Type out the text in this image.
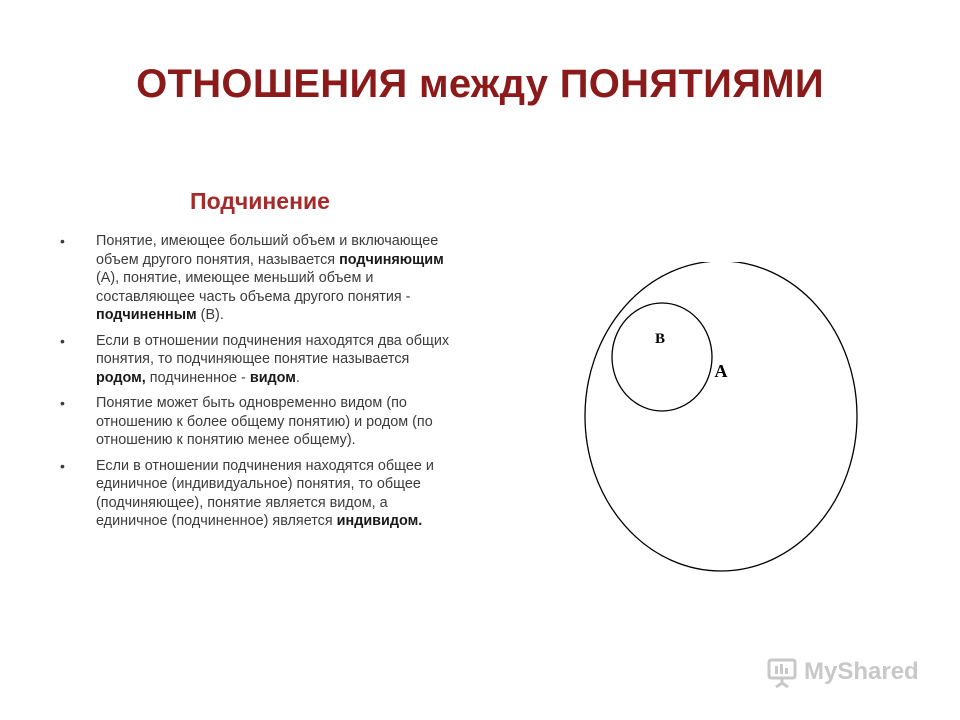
ОТНОШЕНИЯ между ПОНЯТИЯМИ
Подчинение
• Понятие, имеющее больший объем и включающее объем другого понятия, называется подчиняющим (А), понятие, имеющее меньший объем и составляющее часть объема другого понятия - подчиненным (В).
• Если в отношении подчинения находятся два общих понятия, то подчиняющее понятие называется родом, подчиненное - видом.
• Понятие может быть одновременно видом (по отношению к более общему понятию) и родом (по отношению к понятию менее общему).
• Если в отношении подчинения находятся общее и единичное (индивидуальное) понятия, то общее (подчиняющее), понятие является видом, а единичное (подчиненное) является индивидом.
В
А
MyShared
